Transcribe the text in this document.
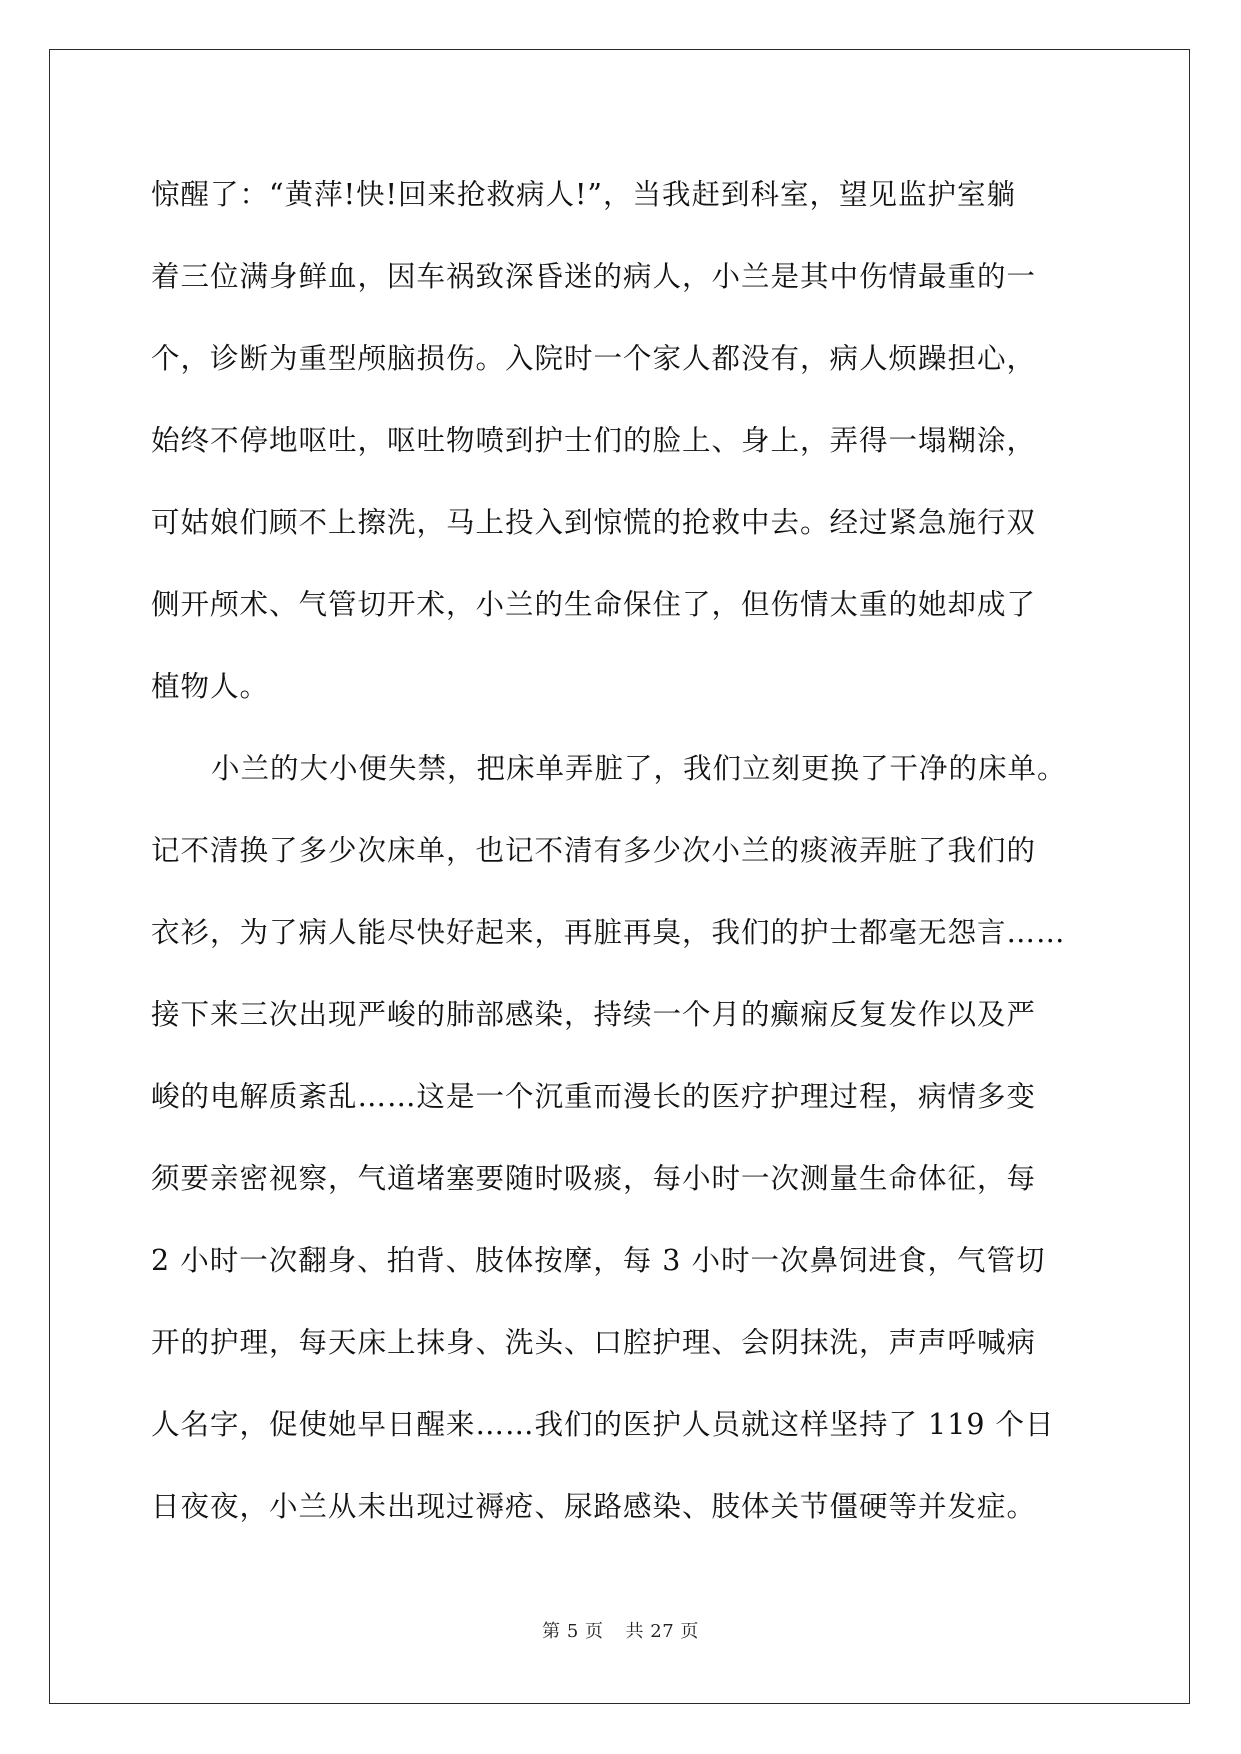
惊醒了：“黄萍!快!回来抢救病人!”，当我赶到科室，望见监护室躺
着三位满身鲜血，因车祸致深昏迷的病人，小兰是其中伤情最重的一
个，诊断为重型颅脑损伤。入院时一个家人都没有，病人烦躁担心，
始终不停地呕吐，呕吐物喷到护士们的脸上、身上，弄得一塌糊涂，
可姑娘们顾不上擦洗，马上投入到惊慌的抢救中去。经过紧急施行双
侧开颅术、气管切开术，小兰的生命保住了，但伤情太重的她却成了
植物人。
小兰的大小便失禁，把床单弄脏了，我们立刻更换了干净的床单。
记不清换了多少次床单，也记不清有多少次小兰的痰液弄脏了我们的
衣衫，为了病人能尽快好起来，再脏再臭，我们的护士都毫无怨言……
接下来三次出现严峻的肺部感染，持续一个月的癫痫反复发作以及严
峻的电解质紊乱……这是一个沉重而漫长的医疗护理过程，病情多变
须要亲密视察，气道堵塞要随时吸痰，每小时一次测量生命体征，每
2 小时一次翻身、拍背、肢体按摩，每 3 小时一次鼻饲进食，气管切
开的护理，每天床上抹身、洗头、口腔护理、会阴抹洗，声声呼喊病
人名字，促使她早日醒来……我们的医护人员就这样坚持了 119 个日
日夜夜，小兰从未出现过褥疮、尿路感染、肢体关节僵硬等并发症。
第 5 页 共 27 页
